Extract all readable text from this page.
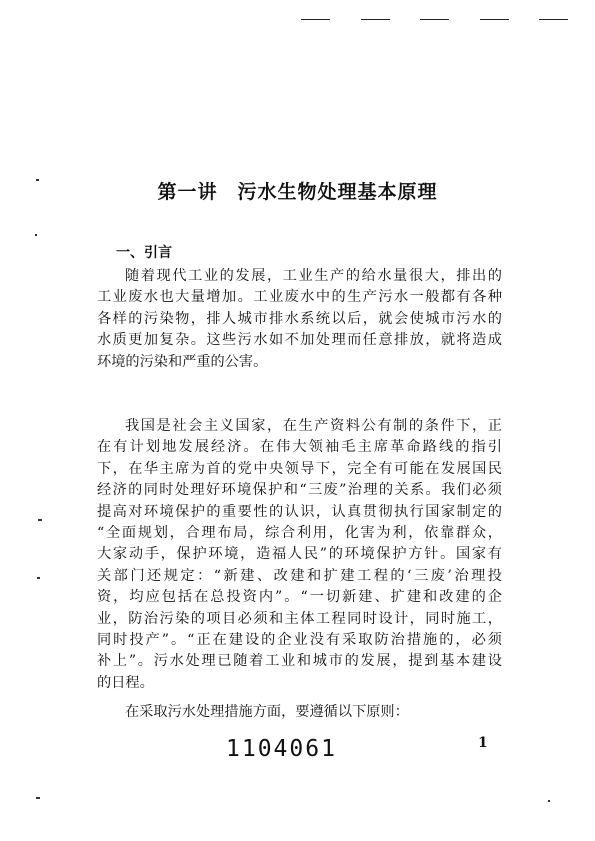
第一讲　污水生物处理基本原理
一、引言
随着现代工业的发展，工业生产的给水量很大，排出的
工业废水也大量增加。工业废水中的生产污水一般都有各种
各样的污染物，排人城市排水系统以后，就会使城市污水的
水质更加复杂。这些污水如不加处理而任意排放，就将造成
环境的污染和严重的公害。
我国是社会主义国家，在生产资料公有制的条件下，正
在有计划地发展经济。在伟大领袖毛主席革命路线的指引
下，在华主席为首的党中央领导下，完全有可能在发展国民
经济的同时处理好环境保护和“三废”治理的关系。我们必须
提高对环境保护的重要性的认识，认真贯彻执行国家制定的
“全面规划，合理布局，综合利用，化害为利，依靠群众，
大家动手，保护环境，造福人民”的环境保护方针。国家有
关部门还规定：“新建、改建和扩建工程的‘三废’治理投
资，均应包括在总投资内”。“一切新建、扩建和改建的企
业，防治污染的项目必须和主体工程同时设计，同时施工，
同时投产”。“正在建设的企业没有采取防治措施的，必须
补上”。污水处理已随着工业和城市的发展，提到基本建设
的日程。
在采取污水处理措施方面，要遵循以下原则：
1104061	1
